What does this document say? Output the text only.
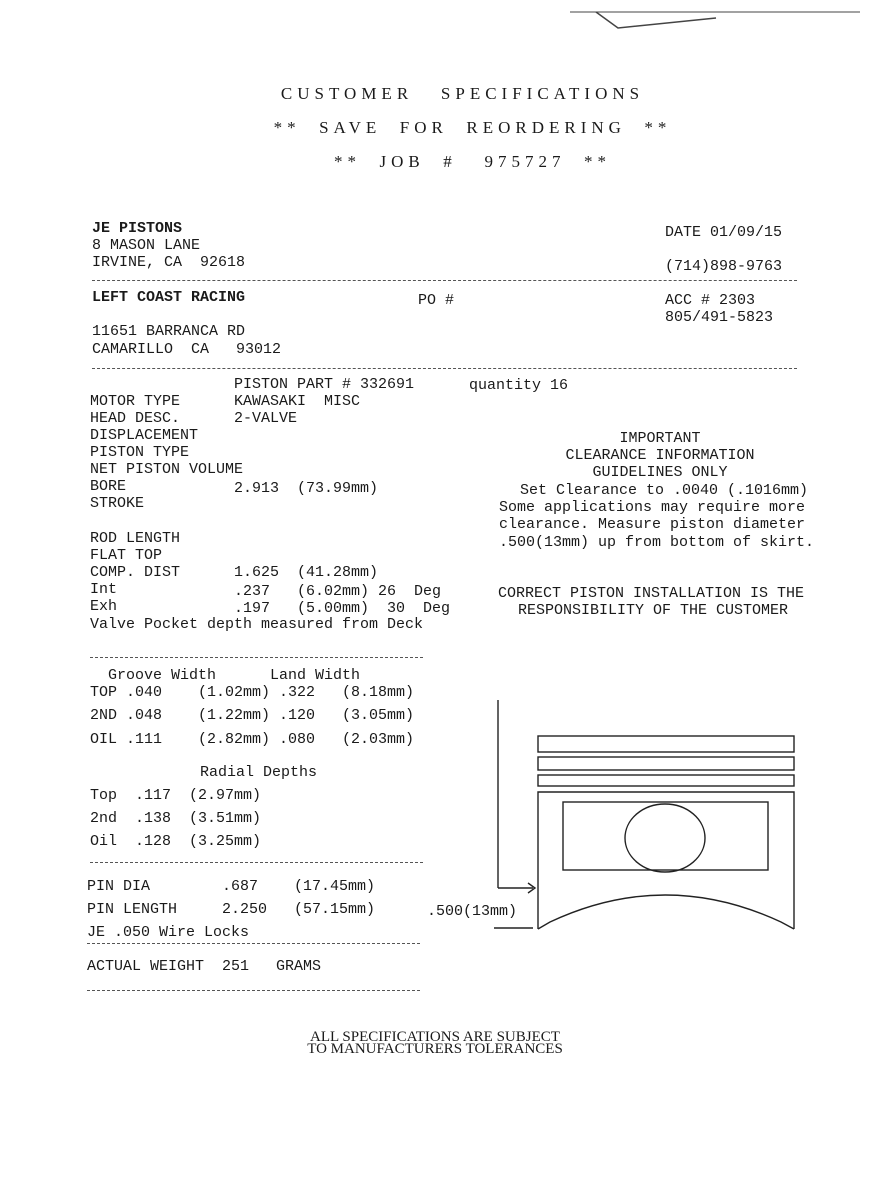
CUSTOMER   SPECIFICATIONS
**  SAVE  FOR  REORDERING  **
**  JOB  #   975727  **
JE PISTONS
8 MASON LANE
IRVINE, CA  92618
DATE 01/09/15
(714)898-9763
LEFT COAST RACING	PO #	ACC # 2303
805/491-5823
11651 BARRANCA RD
CAMARILLO  CA   93012
PISTON PART # 332691	quantity 16
MOTOR TYPE	KAWASAKI  MISC
HEAD DESC.	2-VALVE
DISPLACEMENT
PISTON TYPE
NET PISTON VOLUME
BORE	2.913  (73.99mm)
STROKE
ROD LENGTH
FLAT TOP
COMP. DIST	1.625  (41.28mm)
Int	.237   (6.02mm) 26  Deg
Exh	.197   (5.00mm)  30  Deg
Valve Pocket depth measured from Deck
IMPORTANT
CLEARANCE INFORMATION
GUIDELINES ONLY
Set Clearance to .0040 (.1016mm)
Some applications may require more
clearance. Measure piston diameter
.500(13mm) up from bottom of skirt.
CORRECT PISTON INSTALLATION IS THE
RESPONSIBILITY OF THE CUSTOMER
Groove Width      Land Width
TOP .040    (1.02mm) .322   (8.18mm)
2ND .048    (1.22mm) .120   (3.05mm)
OIL .111    (2.82mm) .080   (2.03mm)
Radial Depths
Top  .117  (2.97mm)
2nd  .138  (3.51mm)
Oil  .128  (3.25mm)
PIN DIA        .687    (17.45mm)
PIN LENGTH     2.250   (57.15mm)	.500(13mm)
JE .050 Wire Locks
ACTUAL WEIGHT  251   GRAMS
ALL SPECIFICATIONS ARE SUBJECT
TO MANUFACTURERS TOLERANCES
